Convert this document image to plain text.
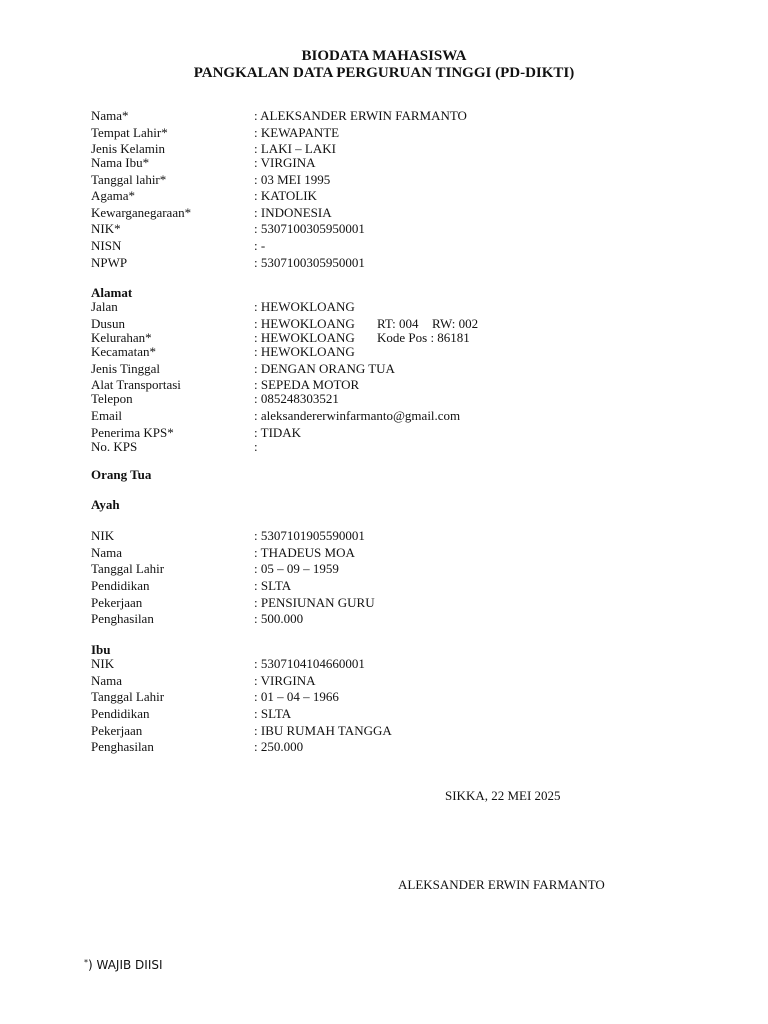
BIODATA MAHASISWA
PANGKALAN DATA PERGURUAN TINGGI (PD-DIKTI)
Nama*	: ALEKSANDER ERWIN FARMANTO
Tempat Lahir*	: KEWAPANTE
Jenis Kelamin	: LAKI – LAKI
Nama Ibu*	: VIRGINA
Tanggal lahir*	: 03 MEI 1995
Agama*	: KATOLIK
Kewarganegaraan*	: INDONESIA
NIK*	: 5307100305950001
NISN	: -
NPWP	: 5307100305950001
Alamat
Jalan	: HEWOKLOANG
Dusun	: HEWOKLOANG RT: 004 RW: 002
Kelurahan*	: HEWOKLOANG Kode Pos : 86181
Kecamatan*	: HEWOKLOANG
Jenis Tinggal	: DENGAN ORANG TUA
Alat Transportasi	: SEPEDA MOTOR
Telepon	: 085248303521
Email	: aleksandererwinfarmanto@gmail.com
Penerima KPS*	: TIDAK
No. KPS	:
Orang Tua
Ayah
NIK	: 5307101905590001
Nama	: THADEUS MOA
Tanggal Lahir	: 05 – 09 – 1959
Pendidikan	: SLTA
Pekerjaan	: PENSIUNAN GURU
Penghasilan	: 500.000
Ibu
NIK	: 5307104104660001
Nama	: VIRGINA
Tanggal Lahir	: 01 – 04 – 1966
Pendidikan	: SLTA
Pekerjaan	: IBU RUMAH TANGGA
Penghasilan	: 250.000
SIKKA, 22 MEI 2025
ALEKSANDER ERWIN FARMANTO
*) WAJIB DIISI
